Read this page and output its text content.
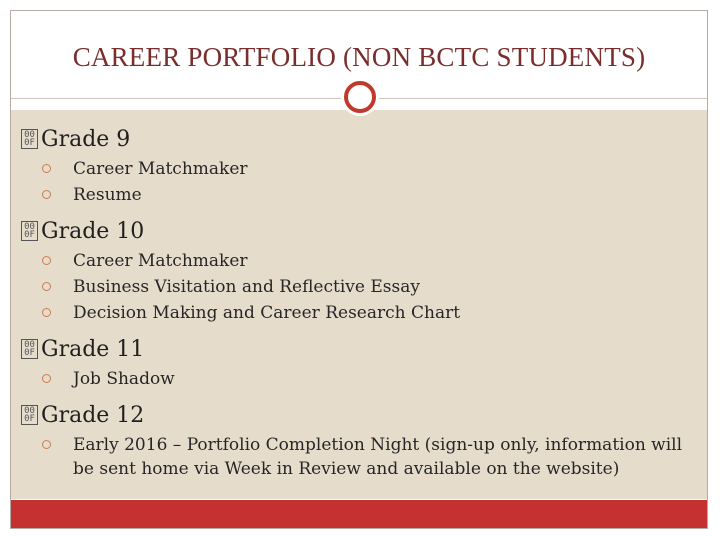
CAREER PORTFOLIO (NON BCTC STUDENTS)
00
0F Grade 9
Career Matchmaker
Resume
00
0F Grade 10
Career Matchmaker
Business Visitation and Reflective Essay
Decision Making and Career Research Chart
00
0F Grade 11
Job Shadow
00
0F Grade 12
Early 2016 – Portfolio Completion Night (sign-up only, information will be sent home via Week in Review and available on the website)
